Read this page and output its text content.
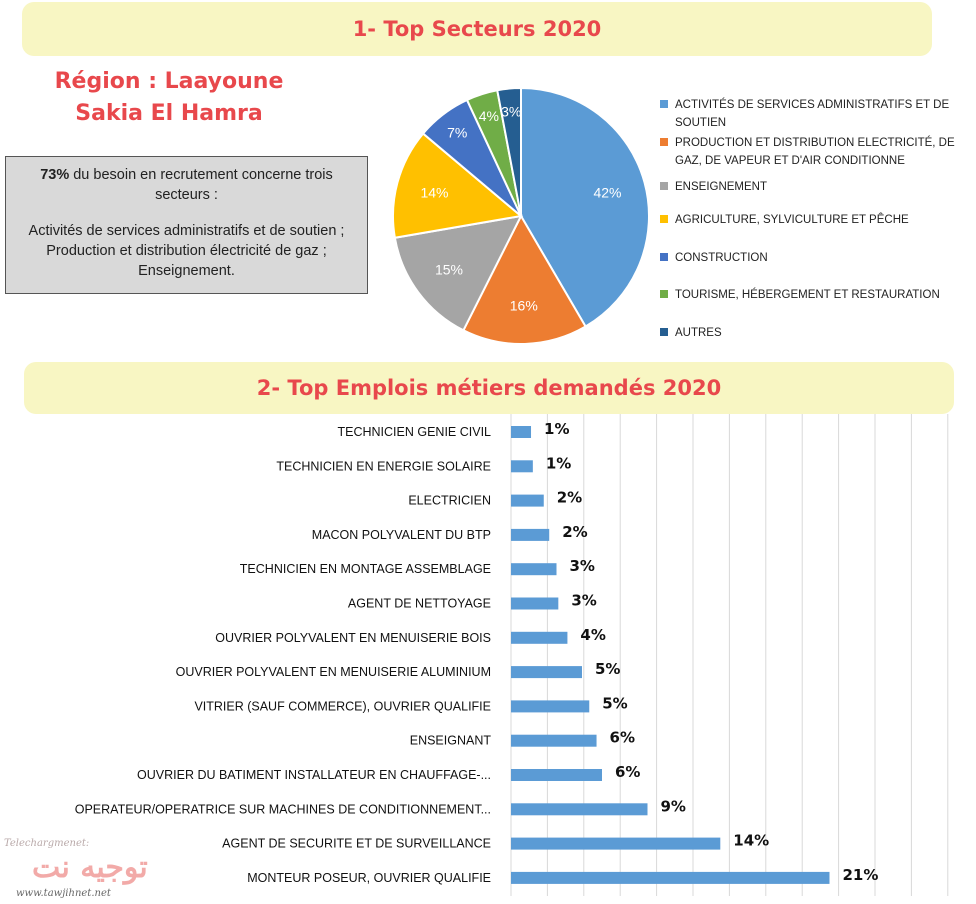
1- Top Secteurs 2020
Région : Laayoune
Sakia El Hamra

73% du besoin en recrutement concerne trois secteurs :

Activités de services administratifs et de soutien ;

Production et distribution électricité de gaz ;

Enseignement.

42%
16%
15%
14%
7%
4% 3%	ACTIVITÉS DE SERVICES ADMINISTRATIFS ET DE SOUTIEN
PRODUCTION ET DISTRIBUTION ELECTRICITÉ, DE GAZ, DE VAPEUR ET D'AIR CONDITIONNE
ENSEIGNEMENT
AGRICULTURE, SYLVICULTURE ET PÊCHE
CONSTRUCTION
TOURISME, HÉBERGEMENT ET RESTAURATION
AUTRES
2- Top Emplois métiers demandés 2020
TECHNICIEN GENIE CIVIL	1%
TECHNICIEN EN ENERGIE SOLAIRE	1%
ELECTRICIEN	2%
MACON POLYVALENT DU BTP	2%
TECHNICIEN EN MONTAGE ASSEMBLAGE	3%
AGENT DE NETTOYAGE	3%
OUVRIER POLYVALENT EN MENUISERIE BOIS	4%
OUVRIER POLYVALENT EN MENUISERIE ALUMINIUM	5%
VITRIER (SAUF COMMERCE), OUVRIER QUALIFIE	5%
ENSEIGNANT	6%
OUVRIER DU BATIMENT INSTALLATEUR EN CHAUFFAGE-...	6%
OPERATEUR/OPERATRICE SUR MACHINES DE CONDITIONNEMENT...	9%
AGENT DE SECURITE ET DE SURVEILLANCE	14%
MONTEUR POSEUR, OUVRIER QUALIFIE	21%
Telechargmenet:
توجيه نت
www.tawjihnet.net
